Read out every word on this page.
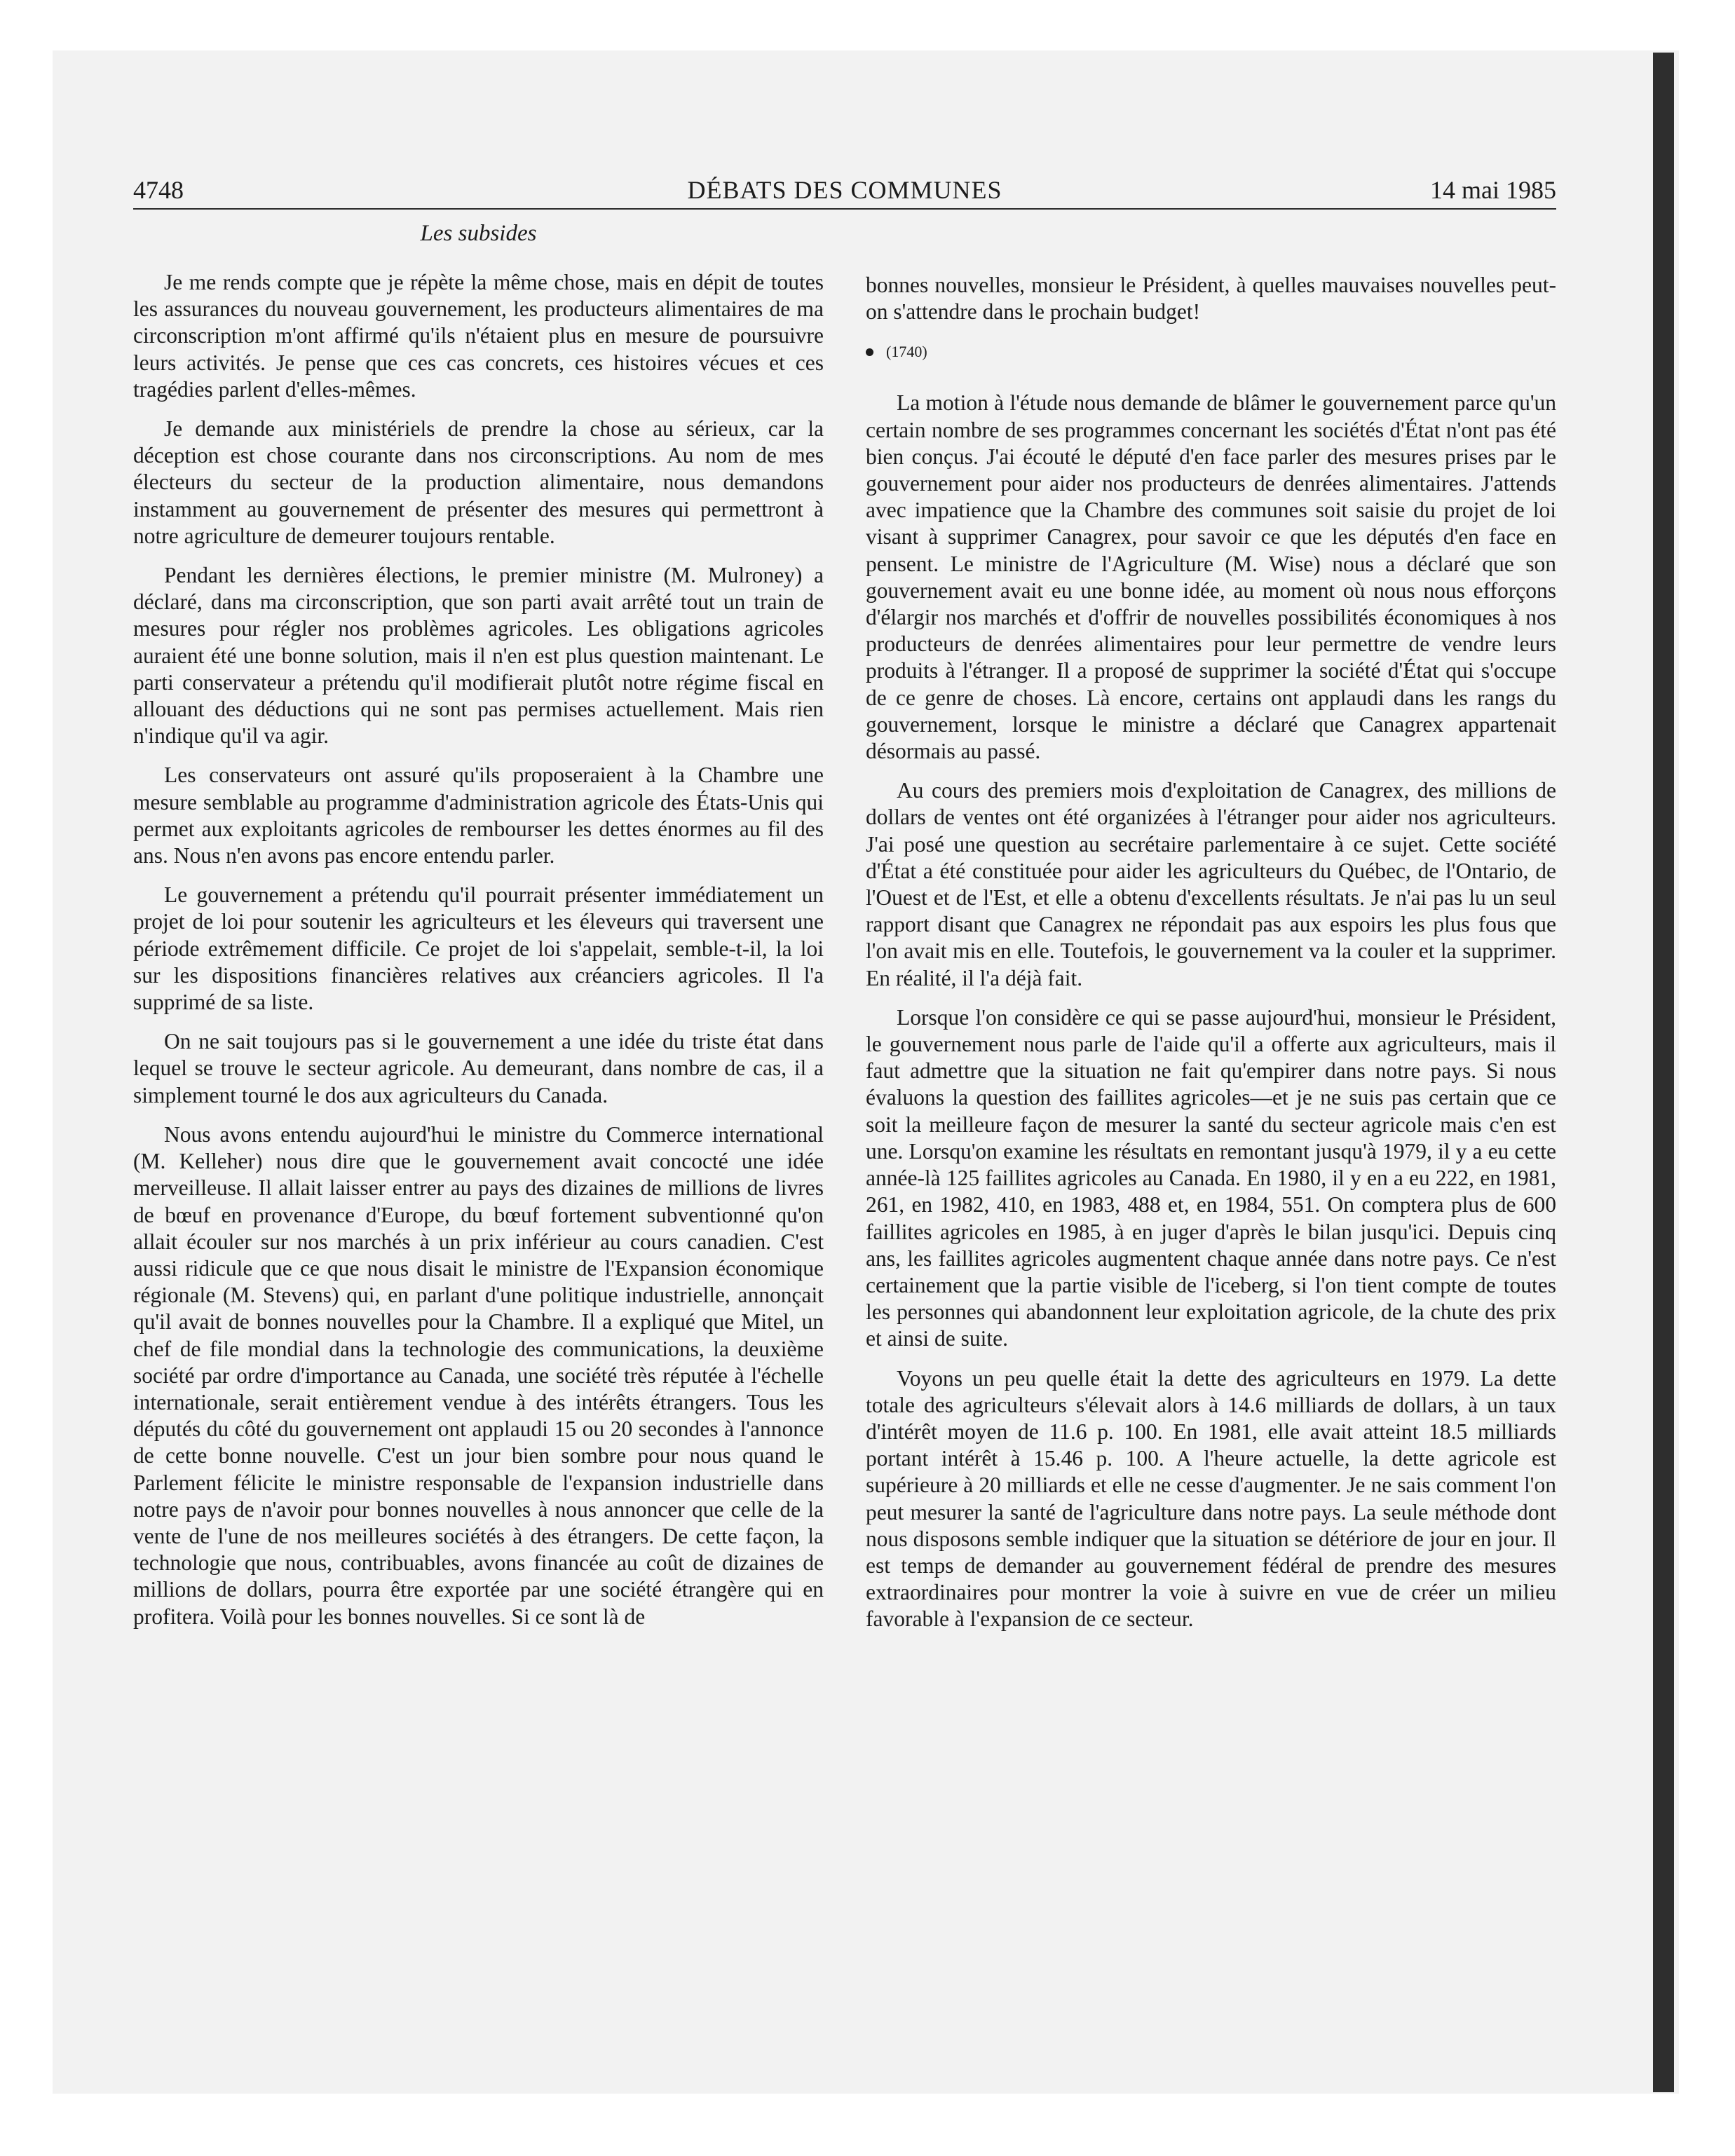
4748	DÉBATS DES COMMUNES	14 mai 1985
Les subsides

Je me rends compte que je répète la même chose, mais en dépit de toutes les assurances du nouveau gouvernement, les producteurs alimentaires de ma circonscription m'ont affirmé qu'ils n'étaient plus en mesure de poursuivre leurs activités. Je pense que ces cas concrets, ces histoires vécues et ces tragédies parlent d'elles-mêmes.

Je demande aux ministériels de prendre la chose au sérieux, car la déception est chose courante dans nos circonscriptions. Au nom de mes électeurs du secteur de la production alimentaire, nous demandons instamment au gouvernement de présenter des mesures qui permettront à notre agriculture de demeurer toujours rentable.

Pendant les dernières élections, le premier ministre (M. Mulroney) a déclaré, dans ma circonscription, que son parti avait arrêté tout un train de mesures pour régler nos problèmes agricoles. Les obligations agricoles auraient été une bonne solution, mais il n'en est plus question maintenant. Le parti conservateur a prétendu qu'il modifierait plutôt notre régime fiscal en allouant des déductions qui ne sont pas permises actuellement. Mais rien n'indique qu'il va agir.

Les conservateurs ont assuré qu'ils proposeraient à la Chambre une mesure semblable au programme d'administration agricole des États-Unis qui permet aux exploitants agricoles de rembourser les dettes énormes au fil des ans. Nous n'en avons pas encore entendu parler.

Le gouvernement a prétendu qu'il pourrait présenter immédiatement un projet de loi pour soutenir les agriculteurs et les éleveurs qui traversent une période extrêmement difficile. Ce projet de loi s'appelait, semble-t-il, la loi sur les dispositions financières relatives aux créanciers agricoles. Il l'a supprimé de sa liste.

On ne sait toujours pas si le gouvernement a une idée du triste état dans lequel se trouve le secteur agricole. Au demeurant, dans nombre de cas, il a simplement tourné le dos aux agriculteurs du Canada.

Nous avons entendu aujourd'hui le ministre du Commerce international (M. Kelleher) nous dire que le gouvernement avait concocté une idée merveilleuse. Il allait laisser entrer au pays des dizaines de millions de livres de bœuf en provenance d'Europe, du bœuf fortement subventionné qu'on allait écouler sur nos marchés à un prix inférieur au cours canadien. C'est aussi ridicule que ce que nous disait le ministre de l'Expansion économique régionale (M. Stevens) qui, en parlant d'une politique industrielle, annonçait qu'il avait de bonnes nouvelles pour la Chambre. Il a expliqué que Mitel, un chef de file mondial dans la technologie des communications, la deuxième société par ordre d'importance au Canada, une société très réputée à l'échelle internationale, serait entièrement vendue à des intérêts étrangers. Tous les députés du côté du gouvernement ont applaudi 15 ou 20 secondes à l'annonce de cette bonne nouvelle. C'est un jour bien sombre pour nous quand le Parlement félicite le ministre responsable de l'expansion industrielle dans notre pays de n'avoir pour bonnes nouvelles à nous annoncer que celle de la vente de l'une de nos meilleures sociétés à des étrangers. De cette façon, la technologie que nous, contribuables, avons financée au coût de dizaines de millions de dollars, pourra être exportée par une société étrangère qui en profitera. Voilà pour les bonnes nouvelles. Si ce sont là de

bonnes nouvelles, monsieur le Président, à quelles mauvaises nouvelles peut-on s'attendre dans le prochain budget!

(1740)

La motion à l'étude nous demande de blâmer le gouvernement parce qu'un certain nombre de ses programmes concernant les sociétés d'État n'ont pas été bien conçus. J'ai écouté le député d'en face parler des mesures prises par le gouvernement pour aider nos producteurs de denrées alimentaires. J'attends avec impatience que la Chambre des communes soit saisie du projet de loi visant à supprimer Canagrex, pour savoir ce que les députés d'en face en pensent. Le ministre de l'Agriculture (M. Wise) nous a déclaré que son gouvernement avait eu une bonne idée, au moment où nous nous efforçons d'élargir nos marchés et d'offrir de nouvelles possibilités économiques à nos producteurs de denrées alimentaires pour leur permettre de vendre leurs produits à l'étranger. Il a proposé de supprimer la société d'État qui s'occupe de ce genre de choses. Là encore, certains ont applaudi dans les rangs du gouvernement, lorsque le ministre a déclaré que Canagrex appartenait désormais au passé.

Au cours des premiers mois d'exploitation de Canagrex, des millions de dollars de ventes ont été organizées à l'étranger pour aider nos agriculteurs. J'ai posé une question au secrétaire parlementaire à ce sujet. Cette société d'État a été constituée pour aider les agriculteurs du Québec, de l'Ontario, de l'Ouest et de l'Est, et elle a obtenu d'excellents résultats. Je n'ai pas lu un seul rapport disant que Canagrex ne répondait pas aux espoirs les plus fous que l'on avait mis en elle. Toutefois, le gouvernement va la couler et la supprimer. En réalité, il l'a déjà fait.

Lorsque l'on considère ce qui se passe aujourd'hui, monsieur le Président, le gouvernement nous parle de l'aide qu'il a offerte aux agriculteurs, mais il faut admettre que la situation ne fait qu'empirer dans notre pays. Si nous évaluons la question des faillites agricoles—et je ne suis pas certain que ce soit la meilleure façon de mesurer la santé du secteur agricole mais c'en est une. Lorsqu'on examine les résultats en remontant jusqu'à 1979, il y a eu cette année-là 125 faillites agricoles au Canada. En 1980, il y en a eu 222, en 1981, 261, en 1982, 410, en 1983, 488 et, en 1984, 551. On comptera plus de 600 faillites agricoles en 1985, à en juger d'après le bilan jusqu'ici. Depuis cinq ans, les faillites agricoles augmentent chaque année dans notre pays. Ce n'est certainement que la partie visible de l'iceberg, si l'on tient compte de toutes les personnes qui abandonnent leur exploitation agricole, de la chute des prix et ainsi de suite.

Voyons un peu quelle était la dette des agriculteurs en 1979. La dette totale des agriculteurs s'élevait alors à 14.6 milliards de dollars, à un taux d'intérêt moyen de 11.6 p. 100. En 1981, elle avait atteint 18.5 milliards portant intérêt à 15.46 p. 100. A l'heure actuelle, la dette agricole est supérieure à 20 milliards et elle ne cesse d'augmenter. Je ne sais comment l'on peut mesurer la santé de l'agriculture dans notre pays. La seule méthode dont nous disposons semble indiquer que la situation se détériore de jour en jour. Il est temps de demander au gouvernement fédéral de prendre des mesures extraordinaires pour montrer la voie à suivre en vue de créer un milieu favorable à l'expansion de ce secteur.
